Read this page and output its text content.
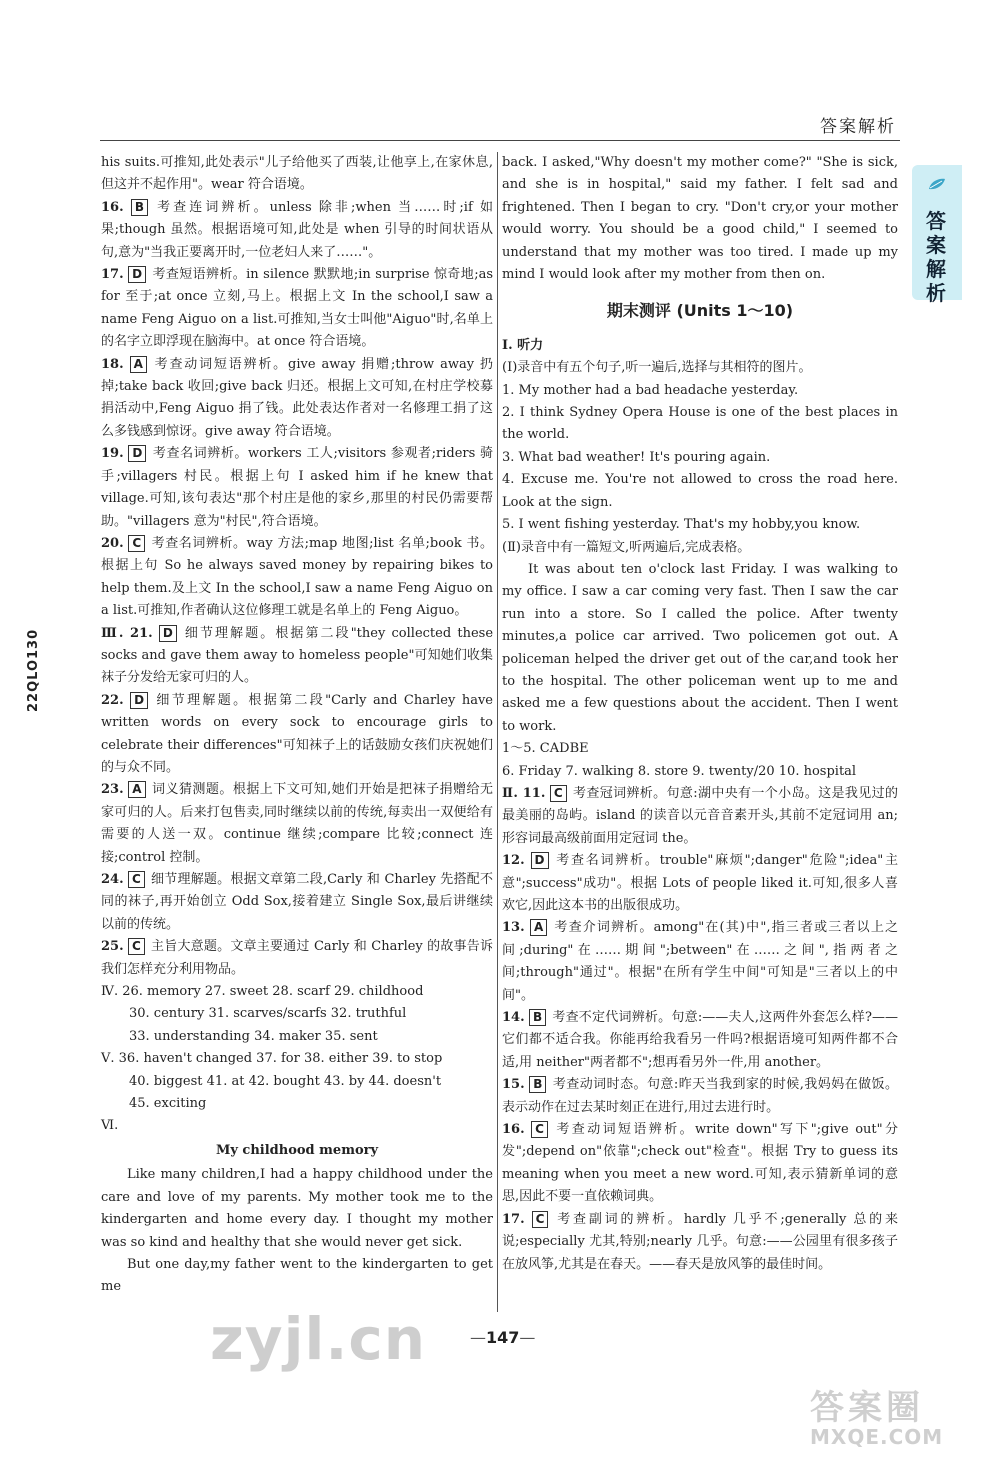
答案解析
答案解析
22QLO130

his suits.可推知,此处表示"儿子给他买了西装,让他享上,在家休息,但这并不起作用"。wear 符合语境。

16. B 考查连词辨析。unless 除非;when 当……时;if 如果;though 虽然。根据语境可知,此处是 when 引导的时间状语从句,意为"当我正要离开时,一位老妇人来了……"。

17. D 考查短语辨析。in silence 默默地;in surprise 惊奇地;as for 至于;at once 立刻,马上。根据上文 In the school,I saw a name Feng Aiguo on a list.可推知,当女士叫他"Aiguo"时,名单上的名字立即浮现在脑海中。at once 符合语境。

18. A 考查动词短语辨析。give away 捐赠;throw away 扔掉;take back 收回;give back 归还。根据上文可知,在村庄学校募捐活动中,Feng Aiguo 捐了钱。此处表达作者对一名修理工捐了这么多钱感到惊讶。give away 符合语境。

19. D 考查名词辨析。workers 工人;visitors 参观者;riders 骑手;villagers 村民。根据上句 I asked him if he knew that village.可知,该句表达"那个村庄是他的家乡,那里的村民仍需要帮助。"villagers 意为"村民",符合语境。

20. C 考查名词辨析。way 方法;map 地图;list 名单;book 书。根据上句 So he always saved money by repairing bikes to help them.及上文 In the school,I saw a name Feng Aiguo on a list.可推知,作者确认这位修理工就是名单上的 Feng Aiguo。

Ⅲ. 21. D 细节理解题。根据第二段"they collected these socks and gave them away to homeless people"可知她们收集袜子分发给无家可归的人。

22. D 细节理解题。根据第二段"Carly and Charley have written words on every sock to encourage girls to celebrate their differences"可知袜子上的话鼓励女孩们庆祝她们的与众不同。

23. A 词义猜测题。根据上下文可知,她们开始是把袜子捐赠给无家可归的人。后来打包售卖,同时继续以前的传统,每卖出一双便给有需要的人送一双。continue 继续;compare 比较;connect 连接;control 控制。

24. C 细节理解题。根据文章第二段,Carly 和 Charley 先搭配不同的袜子,再开始创立 Odd Sox,接着建立 Single Sox,最后讲继续以前的传统。

25. C 主旨大意题。文章主要通过 Carly 和 Charley 的故事告诉我们怎样充分利用物品。

Ⅳ. 26. memory 27. sweet 28. scarf 29. childhood

30. century 31. scarves/scarfs 32. truthful

33. understanding 34. maker 35. sent

Ⅴ. 36. haven't changed 37. for 38. either 39. to stop

40. biggest 41. at 42. bought 43. by 44. doesn't

45. exciting

Ⅵ.

My childhood memory

Like many children,I had a happy childhood under the care and love of my parents. My mother took me to the kindergarten and home every day. I thought my mother was so kind and healthy that she would never get sick.

But one day,my father went to the kindergarten to get me

back. I asked,"Why doesn't my mother come?" "She is sick, and she is in hospital," said my father. I felt sad and frightened. Then I began to cry. "Don't cry,or your mother would worry. You should be a good child," I seemed to understand that my mother was too tired. I made up my mind I would look after my mother from then on.

期末测评 (Units 1～10)

Ⅰ. 听力

(Ⅰ)录音中有五个句子,听一遍后,选择与其相符的图片。

1. My mother had a bad headache yesterday.

2. I think Sydney Opera House is one of the best places in the world.

3. What bad weather! It's pouring again.

4. Excuse me. You're not allowed to cross the road here. Look at the sign.

5. I went fishing yesterday. That's my hobby,you know.

(Ⅱ)录音中有一篇短文,听两遍后,完成表格。

It was about ten o'clock last Friday. I was walking to my office. I saw a car coming very fast. Then I saw the car run into a store. So I called the police. After twenty minutes,a police car arrived. Two policemen got out. A policeman helped the driver get out of the car,and took her to the hospital. The other policeman went up to me and asked me a few questions about the accident. Then I went to work.

1～5. CADBE

6. Friday 7. walking 8. store 9. twenty/20 10. hospital

Ⅱ. 11. C 考查冠词辨析。句意:湖中央有一个小岛。这是我见过的最美丽的岛屿。island 的读音以元音音素开头,其前不定冠词用 an;形容词最高级前面用定冠词 the。

12. D 考查名词辨析。trouble"麻烦";danger"危险";idea"主意";success"成功"。根据 Lots of people liked it.可知,很多人喜欢它,因此这本书的出版很成功。

13. A 考查介词辨析。among"在(其)中",指三者或三者以上之间;during"在……期间";between"在……之间",指两者之间;through"通过"。根据"在所有学生中间"可知是"三者以上的中间"。

14. B 考查不定代词辨析。句意:——夫人,这两件外套怎么样?——它们都不适合我。你能再给我看另一件吗?根据语境可知两件都不合适,用 neither"两者都不";想再看另外一件,用 another。

15. B 考查动词时态。句意:昨天当我到家的时候,我妈妈在做饭。表示动作在过去某时刻正在进行,用过去进行时。

16. C 考查动词短语辨析。write down"写下";give out"分发";depend on"依靠";check out"检查"。根据 Try to guess its meaning when you meet a new word.可知,表示猜新单词的意思,因此不要一直依赖词典。

17. C 考查副词的辨析。hardly 几乎不;generally 总的来说;especially 尤其,特别;nearly 几乎。句意:——公园里有很多孩子在放风筝,尤其是在春天。——春天是放风筝的最佳时间。

—147—
zyjl.cn
答案圈
MXQE.COM
